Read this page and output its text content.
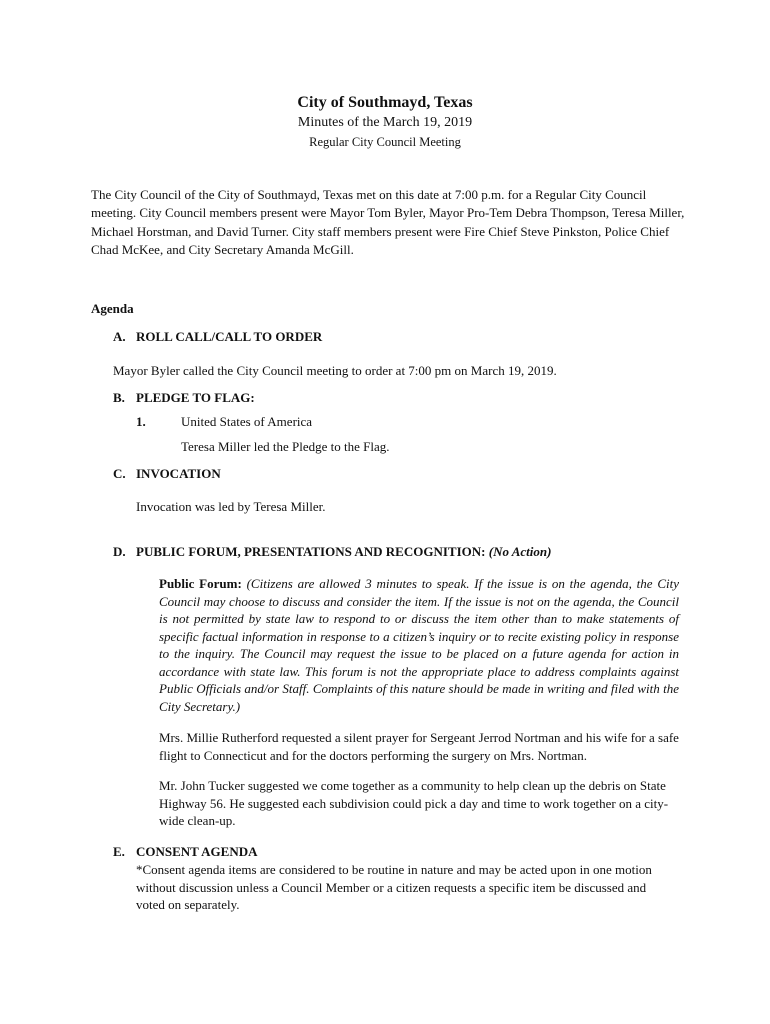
City of Southmayd, Texas
Minutes of the March 19, 2019
Regular City Council Meeting

The City Council of the City of Southmayd, Texas met on this date at 7:00 p.m. for a Regular City Council meeting. City Council members present were Mayor Tom Byler, Mayor Pro-Tem Debra Thompson, Teresa Miller, Michael Horstman, and David Turner. City staff members present were Fire Chief Steve Pinkston, Police Chief Chad McKee, and City Secretary Amanda McGill.

Agenda
A. ROLL CALL/CALL TO ORDER

Mayor Byler called the City Council meeting to order at 7:00 pm on March 19, 2019.

B. PLEDGE TO FLAG:
1.	United States of America

Teresa Miller led the Pledge to the Flag.

C. INVOCATION

Invocation was led by Teresa Miller.

D. PUBLIC FORUM, PRESENTATIONS AND RECOGNITION: (No Action)

Public Forum: (Citizens are allowed 3 minutes to speak. If the issue is on the agenda, the City Council may choose to discuss and consider the item. If the issue is not on the agenda, the Council is not permitted by state law to respond to or discuss the item other than to make statements of specific factual information in response to a citizen’s inquiry or to recite existing policy in response to the inquiry. The Council may request the issue to be placed on a future agenda for action in accordance with state law. This forum is not the appropriate place to address complaints against Public Officials and/or Staff. Complaints of this nature should be made in writing and filed with the City Secretary.)

Mrs. Millie Rutherford requested a silent prayer for Sergeant Jerrod Nortman and his wife for a safe flight to Connecticut and for the doctors performing the surgery on Mrs. Nortman.

Mr. John Tucker suggested we come together as a community to help clean up the debris on State Highway 56. He suggested each subdivision could pick a day and time to work together on a city-wide clean-up.

E. CONSENT AGENDA

*Consent agenda items are considered to be routine in nature and may be acted upon in one motion without discussion unless a Council Member or a citizen requests a specific item be discussed and voted on separately.
